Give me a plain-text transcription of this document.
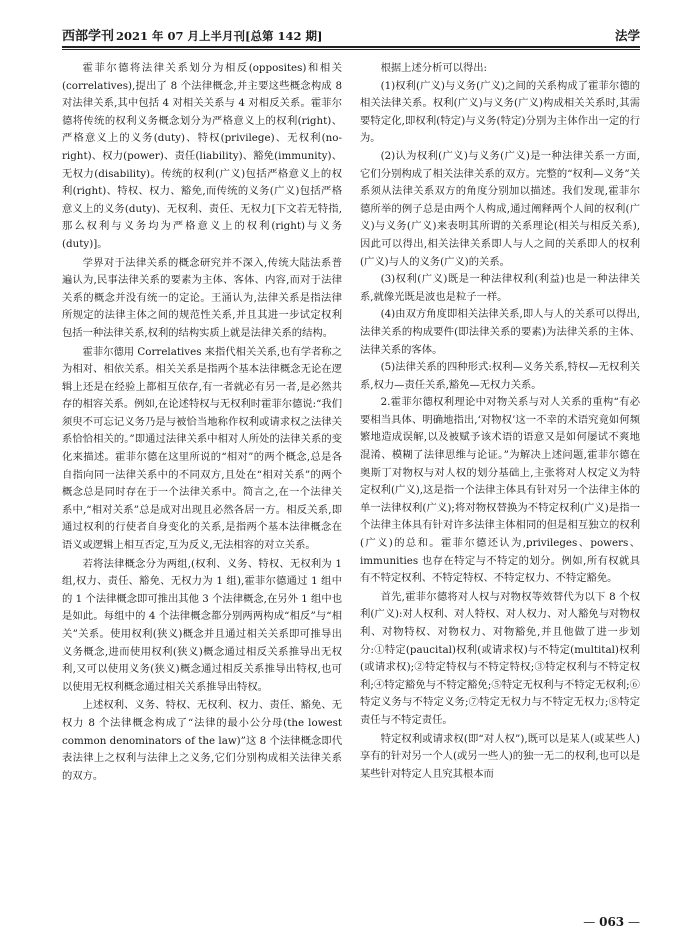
西部学刊 2021 年 07 月上半月刊[总第 142 期]	法学

霍菲尔德将法律关系划分为相反(opposites)和相关(correlatives),提出了 8 个法律概念,并主要这些概念构成 8 对法律关系,其中包括 4 对相关关系与 4 对相反关系。霍菲尔德将传统的权利义务概念划分为严格意义上的权利(right)、严格意义上的义务(duty)、特权(privilege)、无权利(no-right)、权力(power)、责任(liability)、豁免(immunity)、无权力(disability)。传统的权利(广义)包括严格意义上的权利(right)、特权、权力、豁免,而传统的义务(广义)包括严格意义上的义务(duty)、无权利、责任、无权力[下文若无特指,那么权利与义务均为严格意义上的权利(right)与义务(duty)]。

学界对于法律关系的概念研究并不深入,传统大陆法系普遍认为,民事法律关系的要素为主体、客体、内容,而对于法律关系的概念并没有统一的定论。王涌认为,法律关系是指法律所规定的法律主体之间的规范性关系,并且其进一步试定权利包括一种法律关系,权利的结构实质上就是法律关系的结构。

霍菲尔德用 Correlatives 来指代相关关系,也有学者称之为相对、相依关系。相关关系是指两个基本法律概念无论在逻辑上还是在经验上都相互依存,有一者就必有另一者,是必然共存的相容关系。例如,在论述特权与无权利时霍菲尔德说:“我们须臾不可忘记义务乃是与被恰当地称作权利或请求权之法律关系恰恰相关的。”即通过法律关系中相对人所处的法律关系的变化来描述。霍菲尔德在这里所说的“相对”的两个概念,总是各自指向同一法律关系中的不同双方,且处在“相对关系”的两个概念总是同时存在于一个法律关系中。简言之,在一个法律关系中,“相对关系”总是成对出现且必然各居一方。相反关系,即通过权利的行使者自身变化的关系,是指两个基本法律概念在语义或逻辑上相互否定,互为反义,无法相容的对立关系。

若将法律概念分为两组,(权利、义务、特权、无权利为 1 组,权力、责任、豁免、无权力为 1 组),霍菲尔德通过 1 组中的 1 个法律概念即可推出其他 3 个法律概念,在另外 1 组中也是如此。每组中的 4 个法律概念都分别两两构成“相反”与“相关”关系。使用权利(狭义)概念并且通过相关关系即可推导出义务概念,进而使用权利(狭义)概念通过相反关系推导出无权利,又可以使用义务(狭义)概念通过相反关系推导出特权,也可以使用无权利概念通过相关关系推导出特权。

上述权利、义务、特权、无权利、权力、责任、豁免、无权力 8 个法律概念构成了“法律的最小公分母(the lowest common denominators of the law)”这 8 个法律概念即代表法律上之权利与法律上之义务,它们分别构成相关法律关系的双方。

根据上述分析可以得出:

(1)权利(广义)与义务(广义)之间的关系构成了霍菲尔德的相关法律关系。权利(广义)与义务(广义)构成相关关系时,其需要特定化,即权利(特定)与义务(特定)分别为主体作出一定的行为。

(2)认为权利(广义)与义务(广义)是一种法律关系一方面,它们分别构成了相关法律关系的双方。完整的“权利—义务”关系须从法律关系双方的角度分别加以描述。我们发现,霍菲尔德所举的例子总是由两个人构成,通过阐释两个人间的权利(广义)与义务(广义)来表明其所谓的关系理论(相关与相反关系),因此可以得出,相关法律关系即人与人之间的关系即人的权利(广义)与人的义务(广义)的关系。

(3)权利(广义)既是一种法律权利(利益)也是一种法律关系,就像光既是波也是粒子一样。

(4)由双方角度即相关法律关系,即人与人的关系可以得出,法律关系的构成要件(即法律关系的要素)为法律关系的主体、法律关系的客体。

(5)法律关系的四种形式:权利—义务关系,特权—无权利关系,权力—责任关系,豁免—无权力关系。

2.霍菲尔德权利理论中对物关系与对人关系的重构“有必要相当具体、明确地指出,‘对物权’这一不幸的术语究竟如何频繁地造成误解,以及被赋予该术语的语意又是如何屡试不爽地混淆、模糊了法律思维与论证。”为解决上述问题,霍菲尔德在奥斯丁对物权与对人权的划分基础上,主张将对人权定义为特定权利(广义),这是指一个法律主体具有针对另一个法律主体的单一法律权利(广义);将对物权替换为不特定权利(广义)是指一个法律主体具有针对许多法律主体相同的但是相互独立的权利(广义)的总和。霍菲尔德还认为,privileges、powers、immunities 也存在特定与不特定的划分。例如,所有权就具有不特定权利、不特定特权、不特定权力、不特定豁免。

首先,霍菲尔德将对人权与对物权等效替代为以下 8 个权利(广义):对人权利、对人特权、对人权力、对人豁免与对物权利、对物特权、对物权力、对物豁免,并且他做了进一步划分:①特定(paucital)权利(或请求权)与不特定(multital)权利(或请求权);②特定特权与不特定特权;③特定权利与不特定权利;④特定豁免与不特定豁免;⑤特定无权利与不特定无权利;⑥特定义务与不特定义务;⑦特定无权力与不特定无权力;⑧特定责任与不特定责任。

特定权利或请求权(即“对人权”),既可以是某人(或某些人)享有的针对另一个人(或另一些人)的独一无二的权利,也可以是某些针对特定人且究其根本而

— 063 —
